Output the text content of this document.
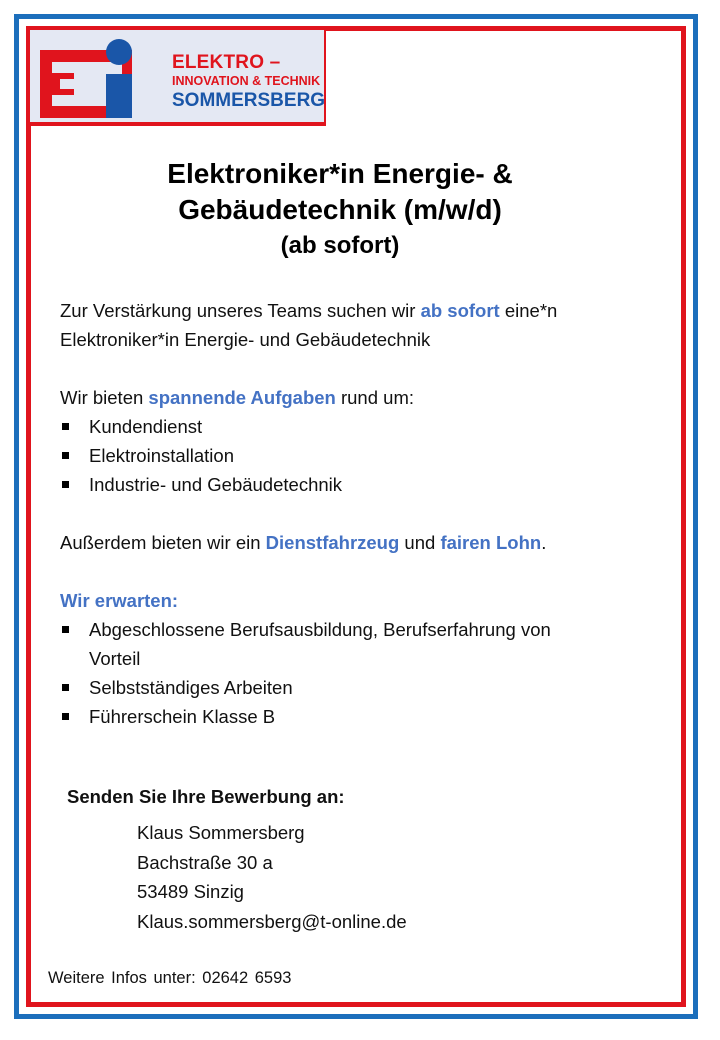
ELEKTRO –
INNOVATION & TECHNIK
SOMMERSBERG
Elektroniker*in Energie- &
Gebäudetechnik (m/w/d)
(ab sofort)

Zur Verstärkung unseres Teams suchen wir ab sofort eine*n

Elektroniker*in Energie- und Gebäudetechnik

Wir bieten spannende Aufgaben rund um:

Kundendienst
Elektroinstallation
Industrie- und Gebäudetechnik

Außerdem bieten wir ein Dienstfahrzeug und fairen Lohn.

Wir erwarten:

Abgeschlossene Berufsausbildung, Berufserfahrung von
Vorteil
Selbstständiges Arbeiten
Führerschein Klasse B
Senden Sie Ihre Bewerbung an:
Klaus Sommersberg
Bachstraße 30 a
53489 Sinzig
Klaus.sommersberg@t-online.de
Weitere Infos unter: 02642 6593
